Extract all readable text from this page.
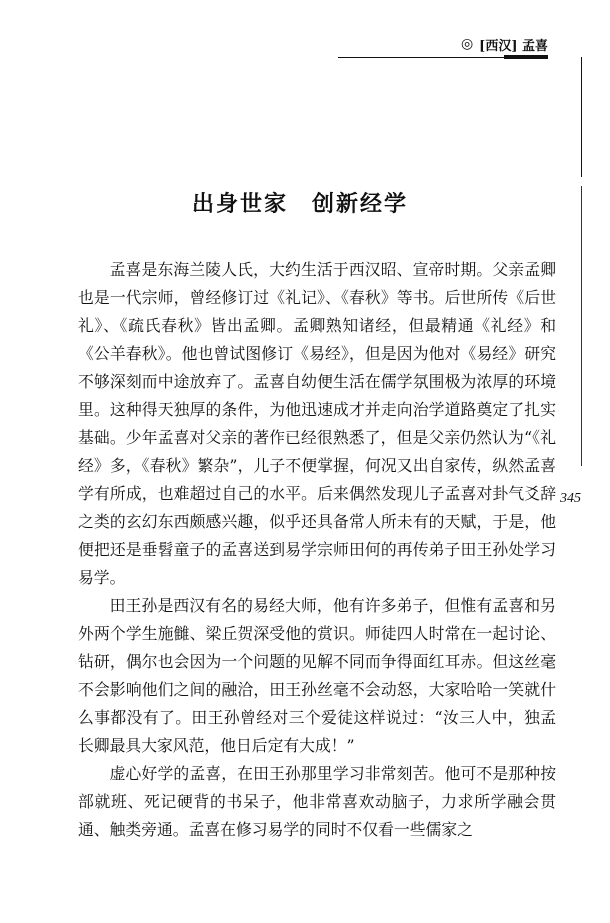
◎ [西汉] 孟喜
345
出身世家　创新经学

孟喜是东海兰陵人氏，大约生活于西汉昭、宣帝时期。父亲孟卿也是一代宗师，曾经修订过《礼记》、《春秋》等书。后世所传《后世礼》、《疏氏春秋》皆出孟卿。孟卿熟知诸经，但最精通《礼经》和《公羊春秋》。他也曾试图修订《易经》，但是因为他对《易经》研究不够深刻而中途放弃了。孟喜自幼便生活在儒学氛围极为浓厚的环境里。这种得天独厚的条件，为他迅速成才并走向治学道路奠定了扎实基础。少年孟喜对父亲的著作已经很熟悉了，但是父亲仍然认为“《礼经》多，《春秋》繁杂”，儿子不便掌握，何况又出自家传，纵然孟喜学有所成，也难超过自己的水平。后来偶然发现儿子孟喜对卦气爻辞之类的玄幻东西颇感兴趣，似乎还具备常人所未有的天赋，于是，他便把还是垂髫童子的孟喜送到易学宗师田何的再传弟子田王孙处学习易学。

田王孙是西汉有名的易经大师，他有许多弟子，但惟有孟喜和另外两个学生施雠、梁丘贺深受他的赏识。师徒四人时常在一起讨论、钻研，偶尔也会因为一个问题的见解不同而争得面红耳赤。但这丝毫不会影响他们之间的融洽，田王孙丝毫不会动怒，大家哈哈一笑就什么事都没有了。田王孙曾经对三个爱徒这样说过：“汝三人中，独孟长卿最具大家风范，他日后定有大成！”

虚心好学的孟喜，在田王孙那里学习非常刻苦。他可不是那种按部就班、死记硬背的书呆子，他非常喜欢动脑子，力求所学融会贯通、触类旁通。孟喜在修习易学的同时不仅看一些儒家之
